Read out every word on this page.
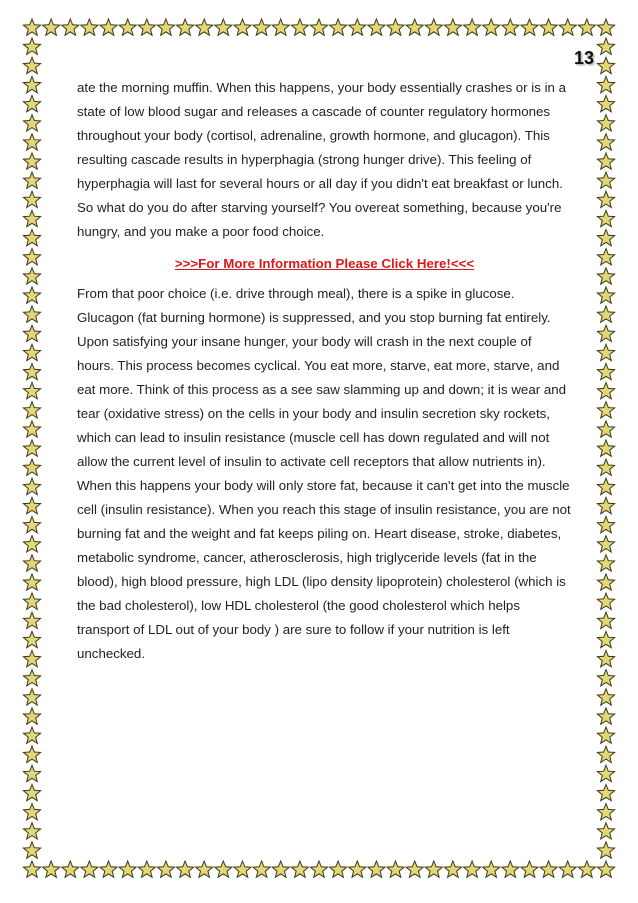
13

ate the morning muffin. When this happens, your body essentially crashes or is in a state of low blood sugar and releases a cascade of counter regulatory hormones throughout your body (cortisol, adrenaline, growth hormone, and glucagon). This resulting cascade results in hyperphagia (strong hunger drive). This feeling of hyperphagia will last for several hours or all day if you didn't eat breakfast or lunch. So what do you do after starving yourself? You overeat something, because you're hungry, and you make a poor food choice.

>>>For More Information Please Click Here!<<<

From that poor choice (i.e. drive through meal), there is a spike in glucose. Glucagon (fat burning hormone) is suppressed, and you stop burning fat entirely. Upon satisfying your insane hunger, your body will crash in the next couple of hours. This process becomes cyclical. You eat more, starve, eat more, starve, and eat more. Think of this process as a see saw slamming up and down; it is wear and tear (oxidative stress) on the cells in your body and insulin secretion sky rockets, which can lead to insulin resistance (muscle cell has down regulated and will not allow the current level of insulin to activate cell receptors that allow nutrients in). When this happens your body will only store fat, because it can't get into the muscle cell (insulin resistance). When you reach this stage of insulin resistance, you are not burning fat and the weight and fat keeps piling on. Heart disease, stroke, diabetes, metabolic syndrome, cancer, atherosclerosis, high triglyceride levels (fat in the blood), high blood pressure, high LDL (lipo density lipoprotein) cholesterol (which is the bad cholesterol), low HDL cholesterol (the good cholesterol which helps transport of LDL out of your body ) are sure to follow if your nutrition is left unchecked.
